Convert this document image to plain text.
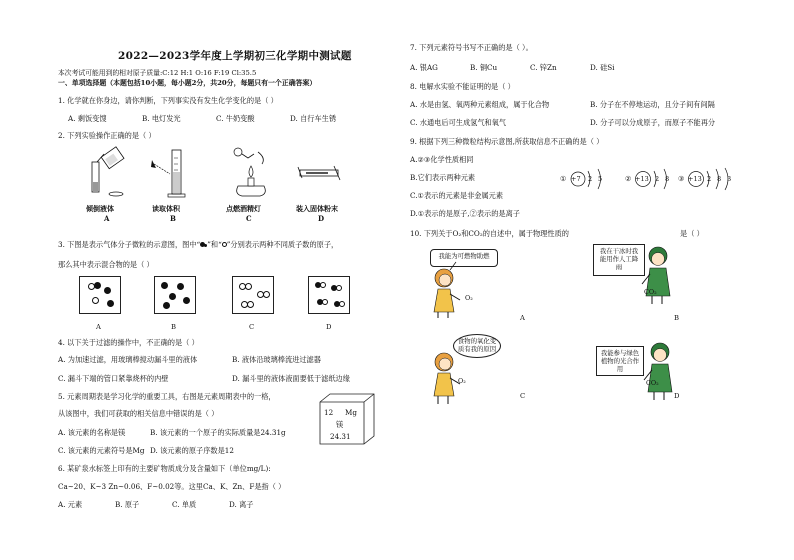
2022—2023学年度上学期初三化学期中测试题
本次考试可能用到的相对原子质量:C:12 H:1 O:16 F:19 Cl:35.5
一、单项选择题（本题包括10小题，每小题2分，共20分，每题只有一个正确答案）
1. 化学就在你身边，请你判断，下列事实没有发生化学变化的是（ ）
A. 剩饭变馊	B. 电灯发光	C. 牛奶变酸	D. 自行车生锈
2. 下列实验操作正确的是（ ）
倾倒液体	读取体积	点燃酒精灯	装入固体粉末
A	B	C	D
3. 下图是表示气体分子微粒的示意图，图中“ ”和“ ”分别表示两种不同质子数的原子，
那么其中表示混合物的是（ ）
A	B	C	D
4. 以下关于过滤的操作中，不正确的是（ ）
A. 为加速过滤，用玻璃棒搅动漏斗里的液体	B. 液体沿玻璃棒流进过滤器
C. 漏斗下端的管口紧靠烧杯的内壁	D. 漏斗里的液体液面要低于滤纸边缘
5. 元素周期表是学习化学的重要工具，右图是元素周期表中的一格，
从该图中，我们可获取的相关信息中错误的是（ ）
A. 该元素的名称是镁	B. 该元素的一个原子的实际质量是24.31g
C. 该元素的元素符号是Mg D. 该元素的原子序数是12
12 Mg
镁
24.31
6. 某矿泉水标签上印有的主要矿物质成分及含量如下（单位mg/L):
Ca~20、K~3 Zn~0.06、F~0.02等。这里Ca、K、Zn、F是指（ ）
A. 元素	B. 原子	C. 单质	D. 离子
7. 下列元素符号书写不正确的是（ ）。
A. 银AG	B. 铜Cu	C. 锌Zn	D. 硅Si
8. 电解水实验不能证明的是（ ）
A. 水是由氢、氧两种元素组成，属于化合物	B. 分子在不停地运动，且分子间有间隔
C. 水通电后可生成氢气和氧气	D. 分子可以分成原子，而原子不能再分
9. 根据下列三种微粒结构示意图,所获取信息不正确的是（ ）
A.②③化学性质相同
B.它们表示两种元素
C.①表示的元素是非金属元素
D.①表示的是原子,②表示的是离子
① +7 2 5	② +13 2 8 ③ +13 2 8 3
10. 下列关于O₂和CO₂的自述中，属于物理性质的	是（ ）
我能为可燃物助燃
O₂
A
我在干冰时我能用作人工降雨
CO₂
B
食物的氧化变质有我的原因
O₂
C
我能参与绿色植物的光合作用
CO₂
D
